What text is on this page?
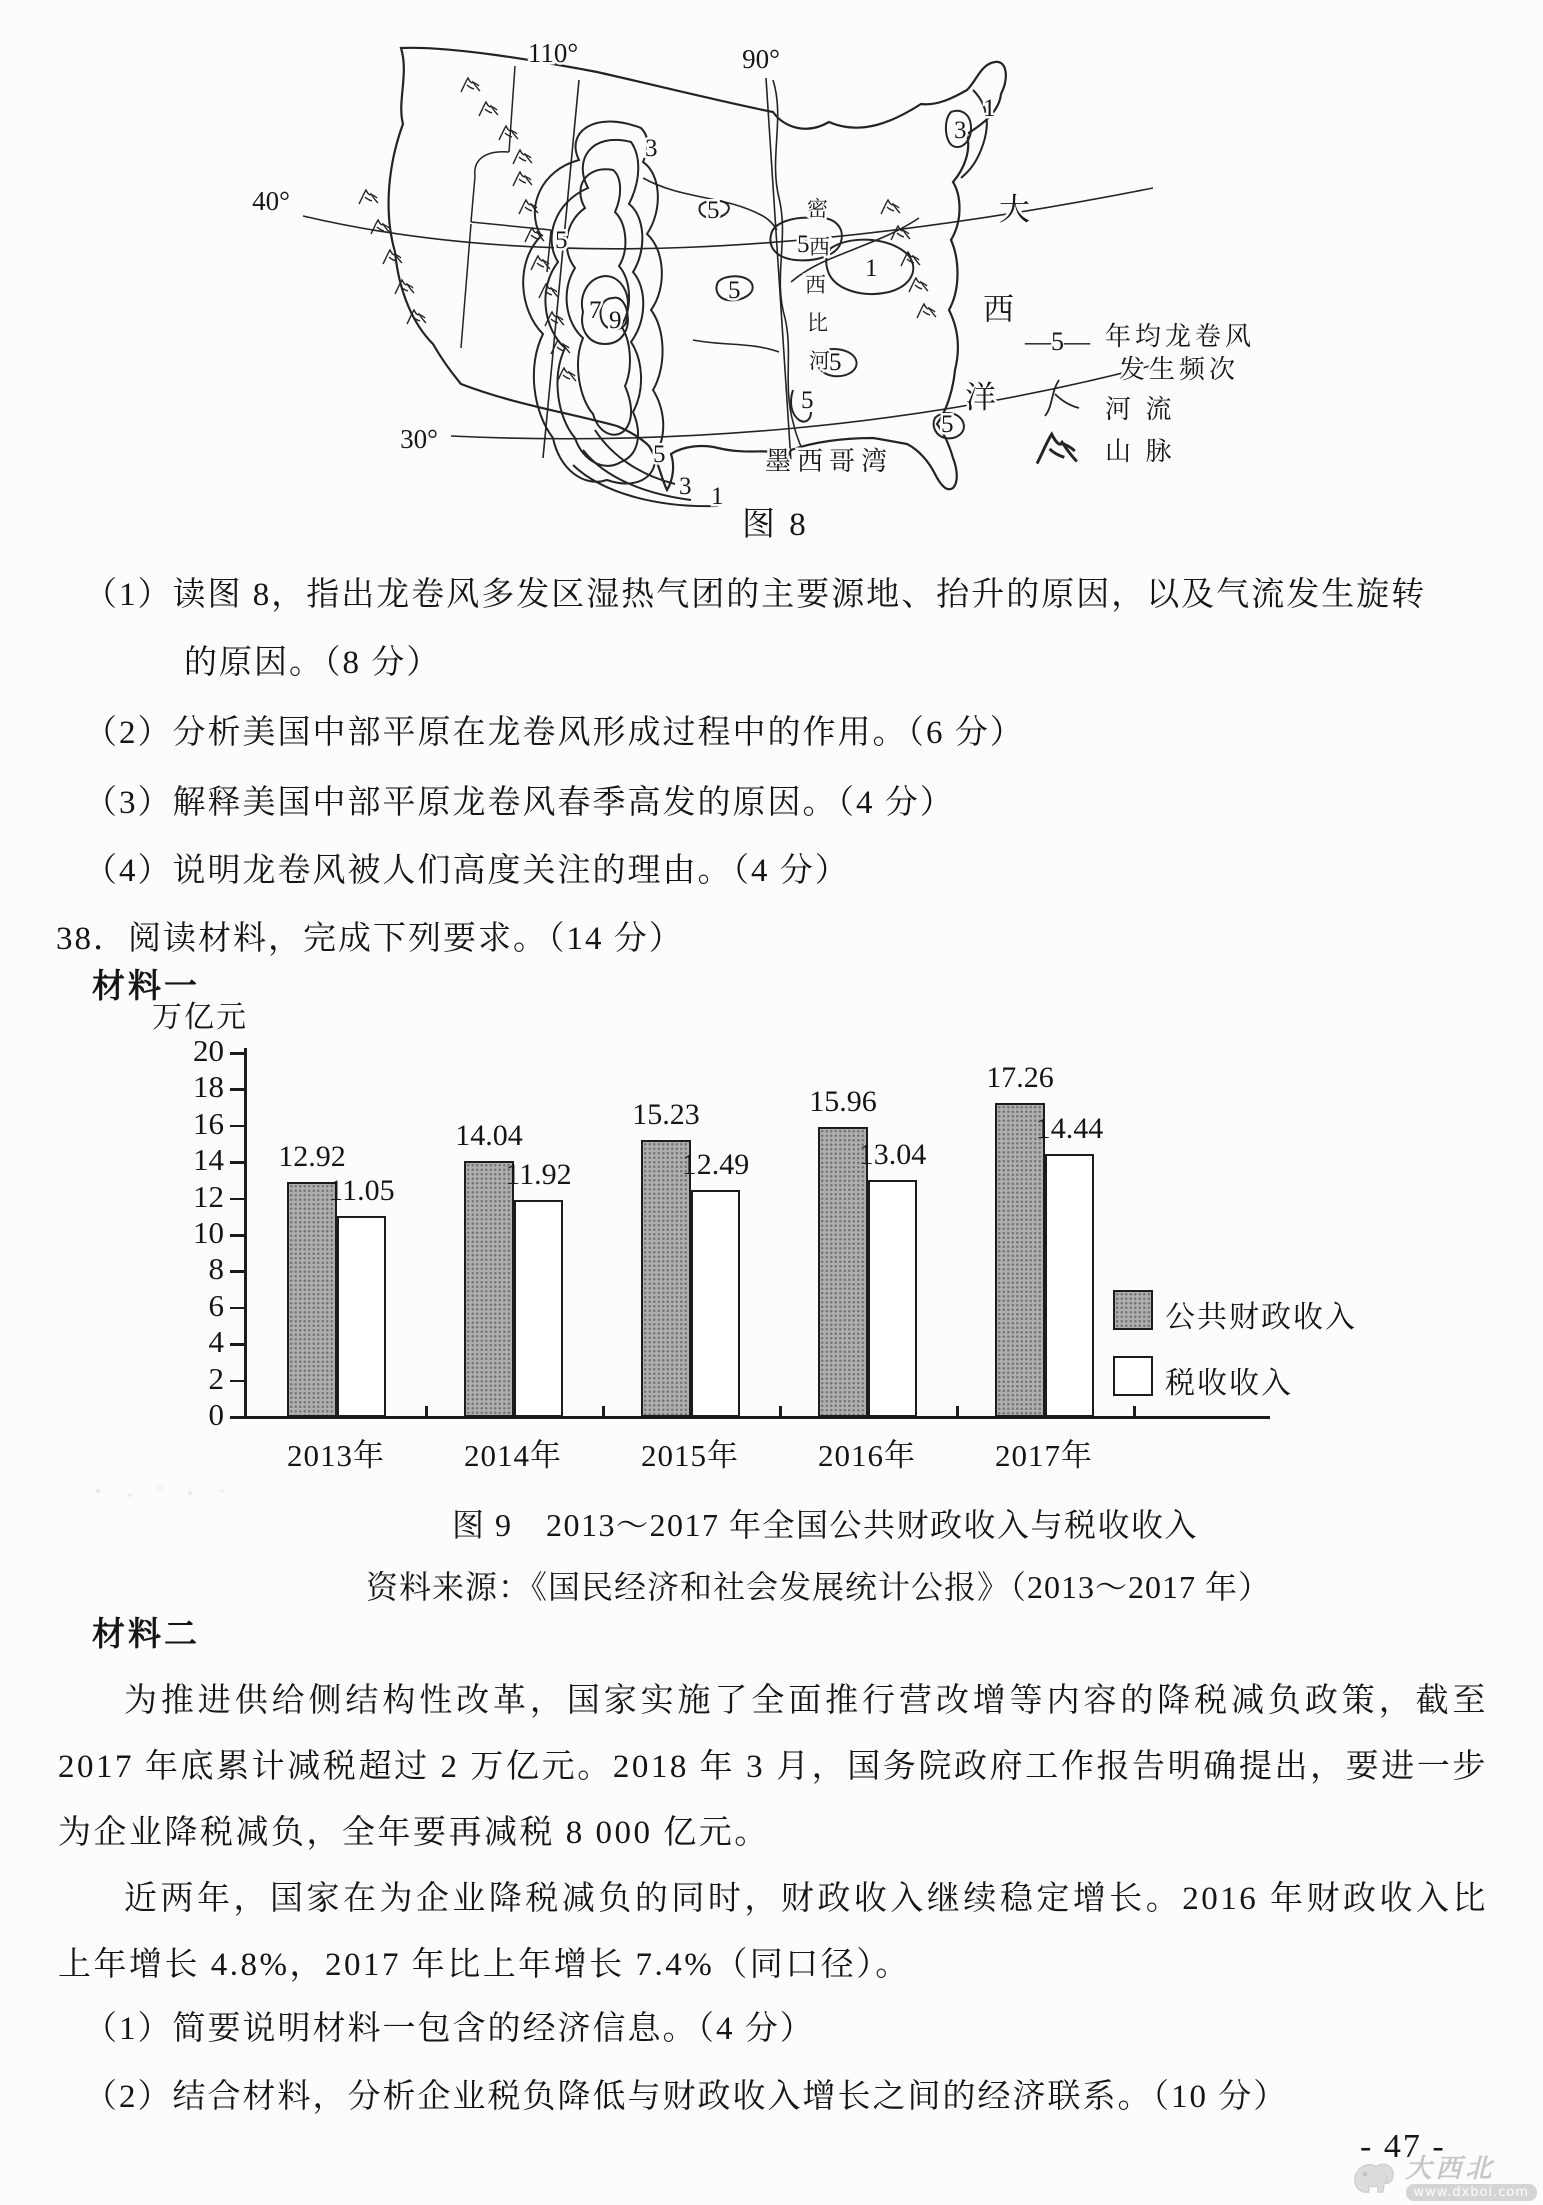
110°	90°
40°
30°
3
5
7 9
5
3 1
5
5
5
1
5
5
3
1
5
大
西
洋
密
西
西
比
河
墨西哥湾
—5— 年均龙卷风
发生频次
河 流
山 脉
图 8
（1）读图 8，指出龙卷风多发区湿热气团的主要源地、抬升的原因，以及气流发生旋转
的原因。（8 分）
（2）分析美国中部平原在龙卷风形成过程中的作用。（6 分）
（3）解释美国中部平原龙卷风春季高发的原因。（4 分）
（4）说明龙卷风被人们高度关注的理由。（4 分）
38．阅读材料，完成下列要求。（14 分）
材料一
万亿元
0
2
4
6
8
10
12
14
16
18
20
12.92
11.05
2013年
14.04
11.92
2014年
15.23
12.49
2015年
15.96
13.04
2016年
17.26
14.44
2017年
公共财政收入
税收收入
图 9　2013～2017 年全国公共财政收入与税收收入
资料来源：《国民经济和社会发展统计公报》（2013～2017 年）
材料二

为推进供给侧结构性改革，国家实施了全面推行营改增等内容的降税减负政策，截至 2017 年底累计减税超过 2 万亿元。2018 年 3 月，国务院政府工作报告明确提出，要进一步为企业降税减负，全年要再减税 8 000 亿元。

近两年，国家在为企业降税减负的同时，财政收入继续稳定增长。2016 年财政收入比上年增长 4.8%，2017 年比上年增长 7.4%（同口径）。

（1）简要说明材料一包含的经济信息。（4 分）
（2）结合材料，分析企业税负降低与财政收入增长之间的经济联系。（10 分）
- 47 -
大西北
www.dxboi.com
